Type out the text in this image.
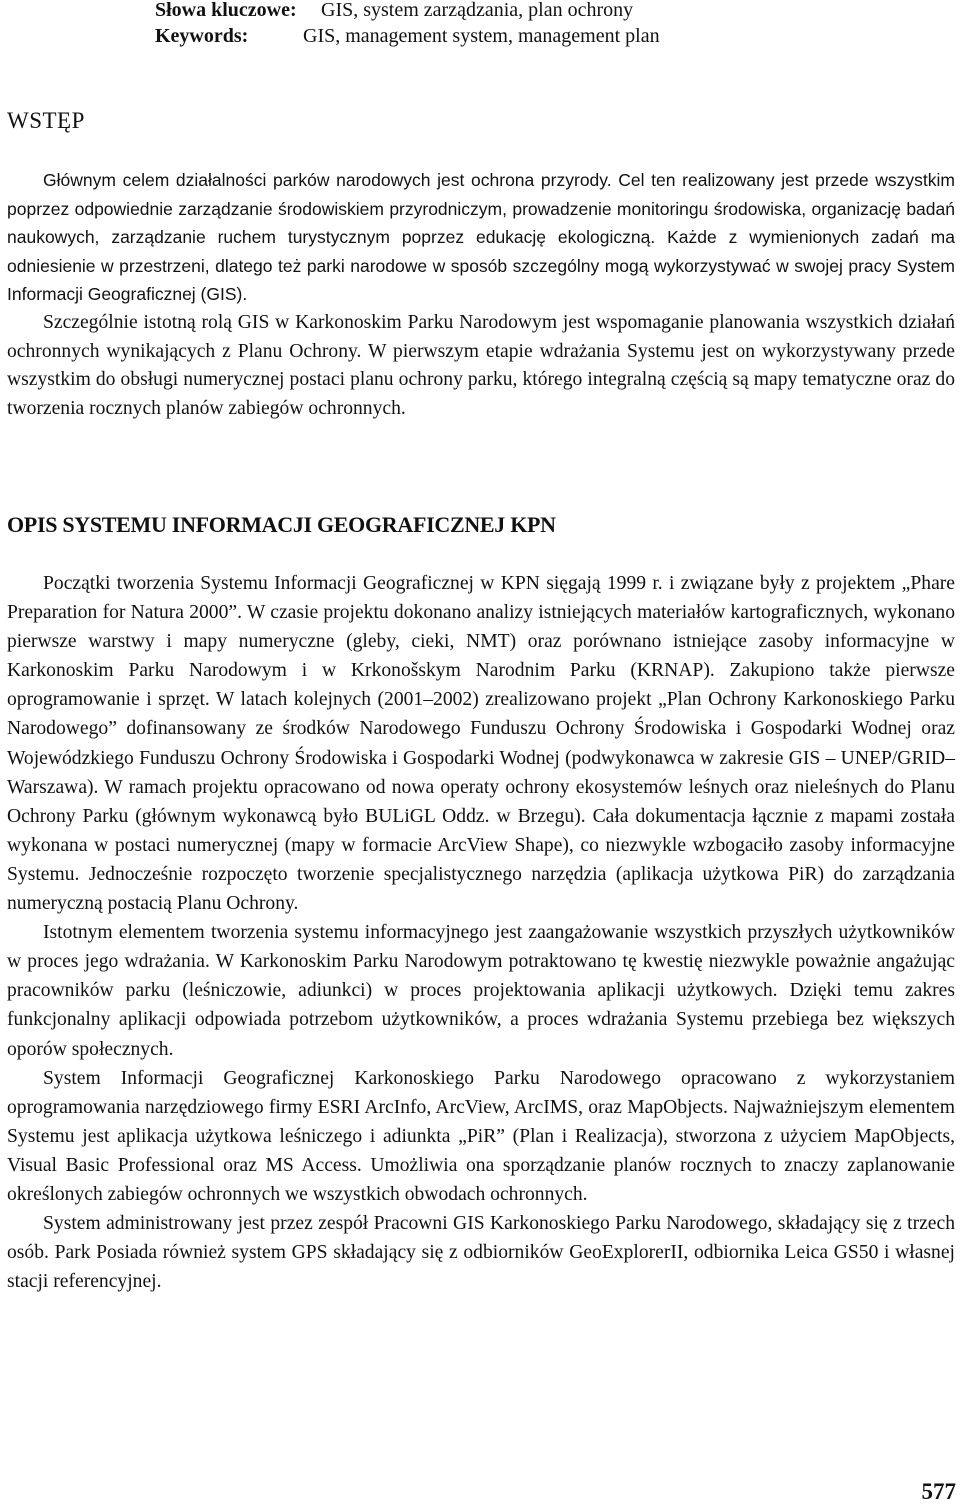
Słowa kluczowe: GIS, system zarządzania, plan ochrony
Keywords:	GIS, management system, management plan
WSTĘP

Głównym celem działalności parków narodowych jest ochrona przyrody. Cel ten realizowany jest przede wszystkim poprzez odpowiednie zarządzanie środowiskiem przyrodniczym, prowadzenie monitoringu środowiska, organizację badań naukowych, zarządzanie ruchem turystycznym poprzez edukację ekologiczną. Każde z wymienionych zadań ma odniesienie w przestrzeni, dlatego też parki narodowe w sposób szczególny mogą wykorzystywać w swojej pracy System Informacji Geograficznej (GIS).

Szczególnie istotną rolą GIS w Karkonoskim Parku Narodowym jest wspomaganie planowania wszystkich działań ochronnych wynikających z Planu Ochrony. W pierwszym etapie wdrażania Systemu jest on wykorzystywany przede wszystkim do obsługi numerycznej postaci planu ochrony parku, którego integralną częścią są mapy tematyczne oraz do tworzenia rocznych planów zabiegów ochronnych.

OPIS SYSTEMU INFORMACJI GEOGRAFICZNEJ KPN

Początki tworzenia Systemu Informacji Geograficznej w KPN sięgają 1999 r. i związane były z projektem „Phare Preparation for Natura 2000”. W czasie projektu dokonano analizy istniejących materiałów kartograficznych, wykonano pierwsze warstwy i mapy numeryczne (gleby, cieki, NMT) oraz porównano istniejące zasoby informacyjne w Karkonoskim Parku Narodowym i w Krkonošskym Narodnim Parku (KRNAP). Zakupiono także pierwsze oprogramowanie i sprzęt. W latach kolejnych (2001–2002) zrealizowano projekt „Plan Ochrony Karkonoskiego Parku Narodowego” dofinansowany ze środków Narodowego Funduszu Ochrony Środowiska i Gospodarki Wodnej oraz Wojewódzkiego Funduszu Ochrony Środowiska i Gospodarki Wodnej (podwykonawca w zakresie GIS – UNEP/GRID–Warszawa). W ramach projektu opracowano od nowa operaty ochrony ekosystemów leśnych oraz nieleśnych do Planu Ochrony Parku (głównym wykonawcą było BULiGL Oddz. w Brzegu). Cała dokumentacja łącznie z mapami została wykonana w postaci numerycznej (mapy w formacie ArcView Shape), co niezwykle wzbogaciło zasoby informacyjne Systemu. Jednocześnie rozpoczęto tworzenie specjalistycznego narzędzia (aplikacja użytkowa PiR) do zarządzania numeryczną postacią Planu Ochrony.

Istotnym elementem tworzenia systemu informacyjnego jest zaangażowanie wszystkich przyszłych użytkowników w proces jego wdrażania. W Karkonoskim Parku Narodowym potraktowano tę kwestię niezwykle poważnie angażując pracowników parku (leśniczowie, adiunkci) w proces projektowania aplikacji użytkowych. Dzięki temu zakres funkcjonalny aplikacji odpowiada potrzebom użytkowników, a proces wdrażania Systemu przebiega bez większych oporów społecznych.

System Informacji Geograficznej Karkonoskiego Parku Narodowego opracowano z wykorzystaniem oprogramowania narzędziowego firmy ESRI ArcInfo, ArcView, ArcIMS, oraz MapObjects. Najważniejszym elementem Systemu jest aplikacja użytkowa leśniczego i adiunkta „PiR” (Plan i Realizacja), stworzona z użyciem MapObjects, Visual Basic Professional oraz MS Access. Umożliwia ona sporządzanie planów rocznych to znaczy zaplanowanie określonych zabiegów ochronnych we wszystkich obwodach ochronnych.

System administrowany jest przez zespół Pracowni GIS Karkonoskiego Parku Narodowego, składający się z trzech osób. Park Posiada również system GPS składający się z odbiorników GeoExplorerII, odbiornika Leica GS50 i własnej stacji referencyjnej.

577
